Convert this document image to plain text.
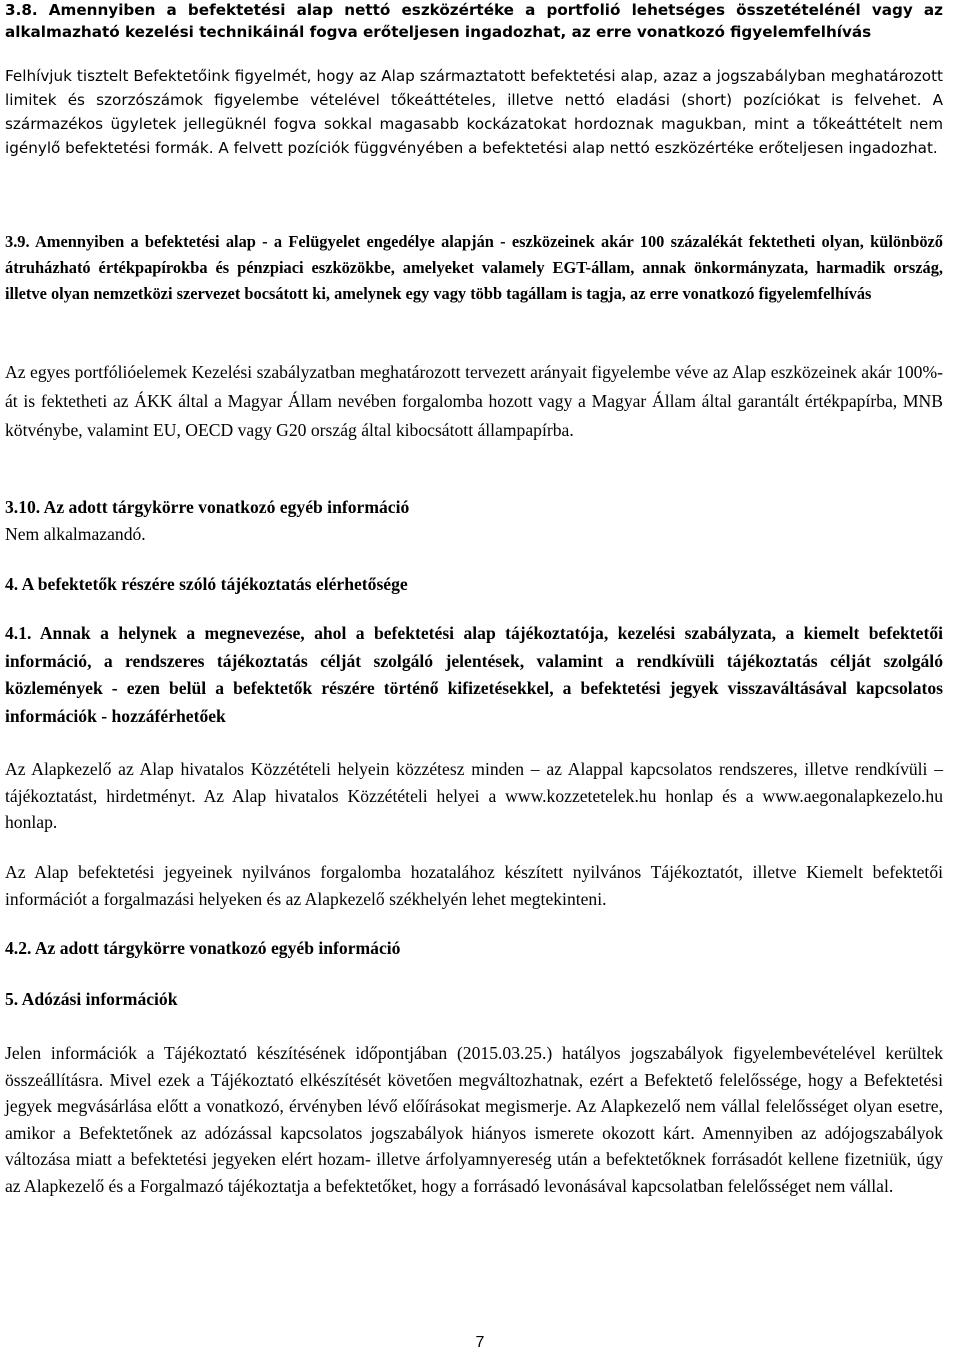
3.8. Amennyiben a befektetési alap nettó eszközértéke a portfolió lehetséges összetételénél vagy az alkalmazható kezelési technikáinál fogva erőteljesen ingadozhat, az erre vonatkozó figyelemfelhívás

Felhívjuk tisztelt Befektetőink figyelmét, hogy az Alap származtatott befektetési alap, azaz a jogszabályban meghatározott limitek és szorzószámok figyelembe vételével tőkeáttételes, illetve nettó eladási (short) pozíciókat is felvehet. A származékos ügyletek jellegüknél fogva sokkal magasabb kockázatokat hordoznak magukban, mint a tőkeáttételt nem igénylő befektetési formák. A felvett pozíciók függvényében a befektetési alap nettó eszközértéke erőteljesen ingadozhat.

3.9. Amennyiben a befektetési alap - a Felügyelet engedélye alapján - eszközeinek akár 100 százalékát fektetheti olyan, különböző átruházható értékpapírokba és pénzpiaci eszközökbe, amelyeket valamely EGT-állam, annak önkormányzata, harmadik ország, illetve olyan nemzetközi szervezet bocsátott ki, amelynek egy vagy több tagállam is tagja, az erre vonatkozó figyelemfelhívás

Az egyes portfólióelemek Kezelési szabályzatban meghatározott tervezett arányait figyelembe véve az Alap eszközeinek akár 100%-át is fektetheti az ÁKK által a Magyar Állam nevében forgalomba hozott vagy a Magyar Állam által garantált értékpapírba, MNB kötvénybe, valamint EU, OECD vagy G20 ország által kibocsátott állampapírba.

3.10. Az adott tárgykörre vonatkozó egyéb információ

Nem alkalmazandó.

4. A befektetők részére szóló tájékoztatás elérhetősége

4.1. Annak a helynek a megnevezése, ahol a befektetési alap tájékoztatója, kezelési szabályzata, a kiemelt befektetői információ, a rendszeres tájékoztatás célját szolgáló jelentések, valamint a rendkívüli tájékoztatás célját szolgáló közlemények - ezen belül a befektetők részére történő kifizetésekkel, a befektetési jegyek visszaváltásával kapcsolatos információk - hozzáférhetőek

Az Alapkezelő az Alap hivatalos Közzétételi helyein közzétesz minden – az Alappal kapcsolatos rendszeres, illetve rendkívüli – tájékoztatást, hirdetményt. Az Alap hivatalos Közzétételi helyei a www.kozzetetelek.hu honlap és a www.aegonalapkezelo.hu honlap.

Az Alap befektetési jegyeinek nyilvános forgalomba hozatalához készített nyilvános Tájékoztatót, illetve Kiemelt befektetői információt a forgalmazási helyeken és az Alapkezelő székhelyén lehet megtekinteni.

4.2. Az adott tárgykörre vonatkozó egyéb információ

5. Adózási információk

Jelen információk a Tájékoztató készítésének időpontjában (2015.03.25.) hatályos jogszabályok figyelembevételével kerültek összeállításra. Mivel ezek a Tájékoztató elkészítését követően megváltozhatnak, ezért a Befektető felelőssége, hogy a Befektetési jegyek megvásárlása előtt a vonatkozó, érvényben lévő előírásokat megismerje. Az Alapkezelő nem vállal felelősséget olyan esetre, amikor a Befektetőnek az adózással kapcsolatos jogszabályok hiányos ismerete okozott kárt. Amennyiben az adójogszabályok változása miatt a befektetési jegyeken elért hozam- illetve árfolyamnyereség után a befektetőknek forrásadót kellene fizetniük, úgy az Alapkezelő és a Forgalmazó tájékoztatja a befektetőket, hogy a forrásadó levonásával kapcsolatban felelősséget nem vállal.

7
